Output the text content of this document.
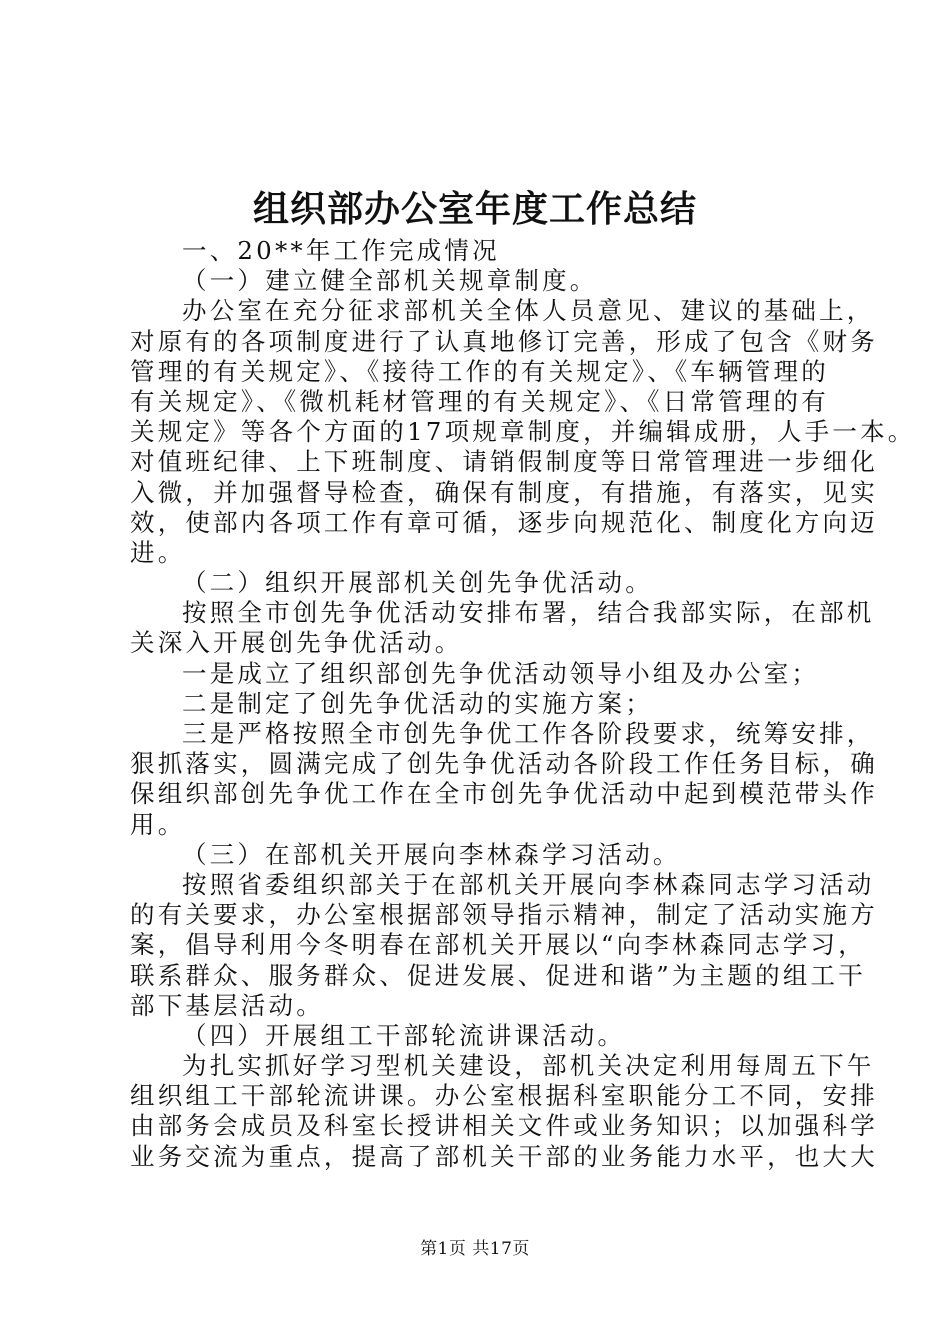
组织部办公室年度工作总结
一、20**年工作完成情况
（一）建立健全部机关规章制度。
办公室在充分征求部机关全体人员意见、建议的基础上，
对原有的各项制度进行了认真地修订完善，形成了包含《财务
管理的有关规定》、《接待工作的有关规定》、《车辆管理的
有关规定》、《微机耗材管理的有关规定》、《日常管理的有
关规定》等各个方面的17项规章制度，并编辑成册，人手一本。
对值班纪律、上下班制度、请销假制度等日常管理进一步细化
入微，并加强督导检查，确保有制度，有措施，有落实，见实
效，使部内各项工作有章可循，逐步向规范化、制度化方向迈
进。
（二）组织开展部机关创先争优活动。
按照全市创先争优活动安排布署，结合我部实际，在部机
关深入开展创先争优活动。
一是成立了组织部创先争优活动领导小组及办公室；
二是制定了创先争优活动的实施方案；
三是严格按照全市创先争优工作各阶段要求，统筹安排，
狠抓落实，圆满完成了创先争优活动各阶段工作任务目标，确
保组织部创先争优工作在全市创先争优活动中起到模范带头作
用。
（三）在部机关开展向李林森学习活动。
按照省委组织部关于在部机关开展向李林森同志学习活动
的有关要求，办公室根据部领导指示精神，制定了活动实施方
案，倡导利用今冬明春在部机关开展以“向李林森同志学习，
联系群众、服务群众、促进发展、促进和谐”为主题的组工干
部下基层活动。
（四）开展组工干部轮流讲课活动。
为扎实抓好学习型机关建设，部机关决定利用每周五下午
组织组工干部轮流讲课。办公室根据科室职能分工不同，安排
由部务会成员及科室长授讲相关文件或业务知识；以加强科学
业务交流为重点，提高了部机关干部的业务能力水平，也大大
第1页 共17页
